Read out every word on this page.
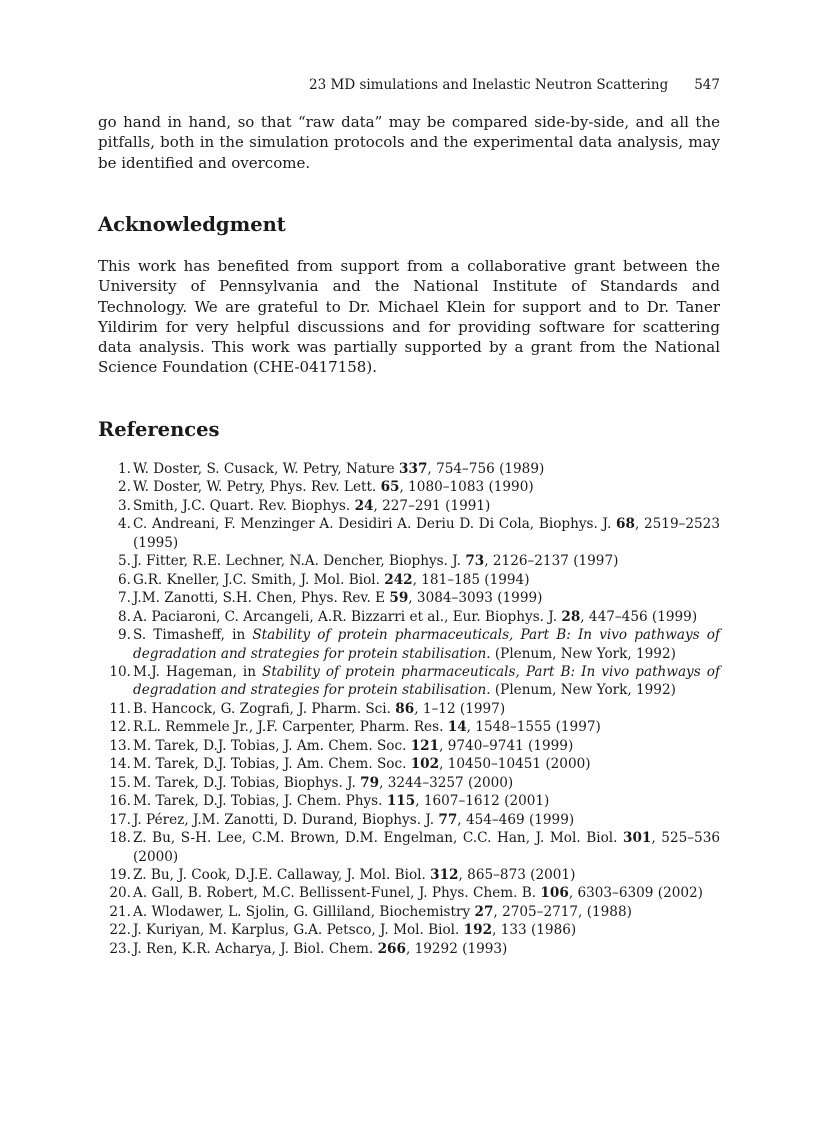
23 MD simulations and Inelastic Neutron Scattering 547

go hand in hand, so that “raw data” may be compared side-by-side, and all the pitfalls, both in the simulation protocols and the experimental data analysis, may be identified and overcome.

Acknowledgment

This work has benefited from support from a collaborative grant between the University of Pennsylvania and the National Institute of Standards and Technology. We are grateful to Dr. Michael Klein for support and to Dr. Taner Yildirim for very helpful discussions and for providing software for scattering data analysis. This work was partially supported by a grant from the National Science Foundation (CHE-0417158).

References
1. W. Doster, S. Cusack, W. Petry, Nature 337, 754–756 (1989)
2. W. Doster, W. Petry, Phys. Rev. Lett. 65, 1080–1083 (1990)
3. Smith, J.C. Quart. Rev. Biophys. 24, 227–291 (1991)
4. C. Andreani, F. Menzinger A. Desidiri A. Deriu D. Di Cola, Biophys. J. 68, 2519–2523 (1995)
5. J. Fitter, R.E. Lechner, N.A. Dencher, Biophys. J. 73, 2126–2137 (1997)
6. G.R. Kneller, J.C. Smith, J. Mol. Biol. 242, 181–185 (1994)
7. J.M. Zanotti, S.H. Chen, Phys. Rev. E 59, 3084–3093 (1999)
8. A. Paciaroni, C. Arcangeli, A.R. Bizzarri et al., Eur. Biophys. J. 28, 447–456 (1999)
9. S. Timasheff, in Stability of protein pharmaceuticals, Part B: In vivo pathways of degradation and strategies for protein stabilisation. (Plenum, New York, 1992)
10. M.J. Hageman, in Stability of protein pharmaceuticals, Part B: In vivo pathways of degradation and strategies for protein stabilisation. (Plenum, New York, 1992)
11. B. Hancock, G. Zografi, J. Pharm. Sci. 86, 1–12 (1997)
12. R.L. Remmele Jr., J.F. Carpenter, Pharm. Res. 14, 1548–1555 (1997)
13. M. Tarek, D.J. Tobias, J. Am. Chem. Soc. 121, 9740–9741 (1999)
14. M. Tarek, D.J. Tobias, J. Am. Chem. Soc. 102, 10450–10451 (2000)
15. M. Tarek, D.J. Tobias, Biophys. J. 79, 3244–3257 (2000)
16. M. Tarek, D.J. Tobias, J. Chem. Phys. 115, 1607–1612 (2001)
17. J. Pérez, J.M. Zanotti, D. Durand, Biophys. J. 77, 454–469 (1999)
18. Z. Bu, S-H. Lee, C.M. Brown, D.M. Engelman, C.C. Han, J. Mol. Biol. 301, 525–536 (2000)
19. Z. Bu, J. Cook, D.J.E. Callaway, J. Mol. Biol. 312, 865–873 (2001)
20. A. Gall, B. Robert, M.C. Bellissent-Funel, J. Phys. Chem. B. 106, 6303–6309 (2002)
21. A. Wlodawer, L. Sjolin, G. Gilliland, Biochemistry 27, 2705–2717, (1988)
22. J. Kuriyan, M. Karplus, G.A. Petsco, J. Mol. Biol. 192, 133 (1986)
23. J. Ren, K.R. Acharya, J. Biol. Chem. 266, 19292 (1993)
